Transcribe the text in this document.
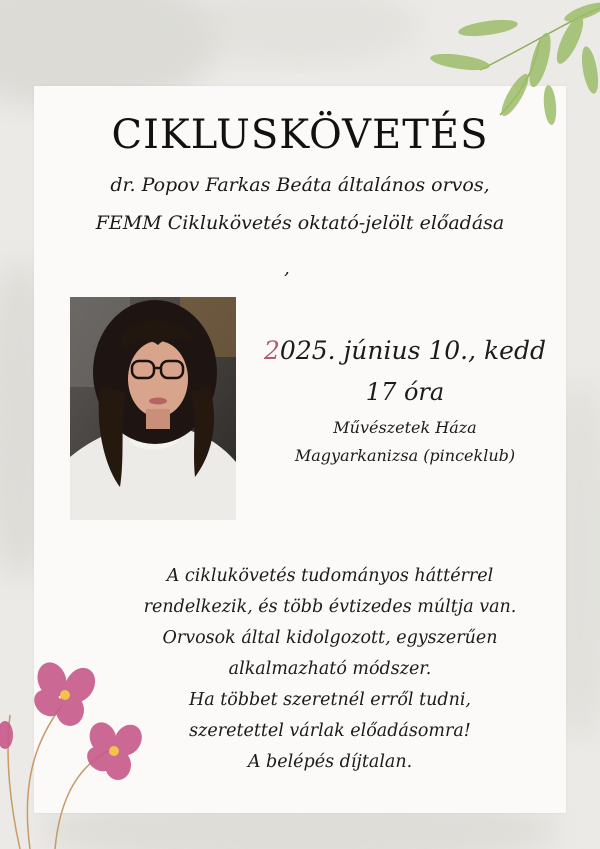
CIKLUSKÖVETÉS
dr. Popov Farkas Beáta általános orvos,
FEMM Ciklukövetés oktató-jelölt előadása
,
2025. június 10., kedd
17 óra
Művészetek Háza
Magyarkanizsa (pinceklub)
A ciklukövetés tudományos háttérrel
rendelkezik, és több évtizedes múltja van.
Orvosok által kidolgozott, egyszerűen
alkalmazható módszer.
Ha többet szeretnél erről tudni,
szeretettel várlak előadásomra!
A belépés díjtalan.
